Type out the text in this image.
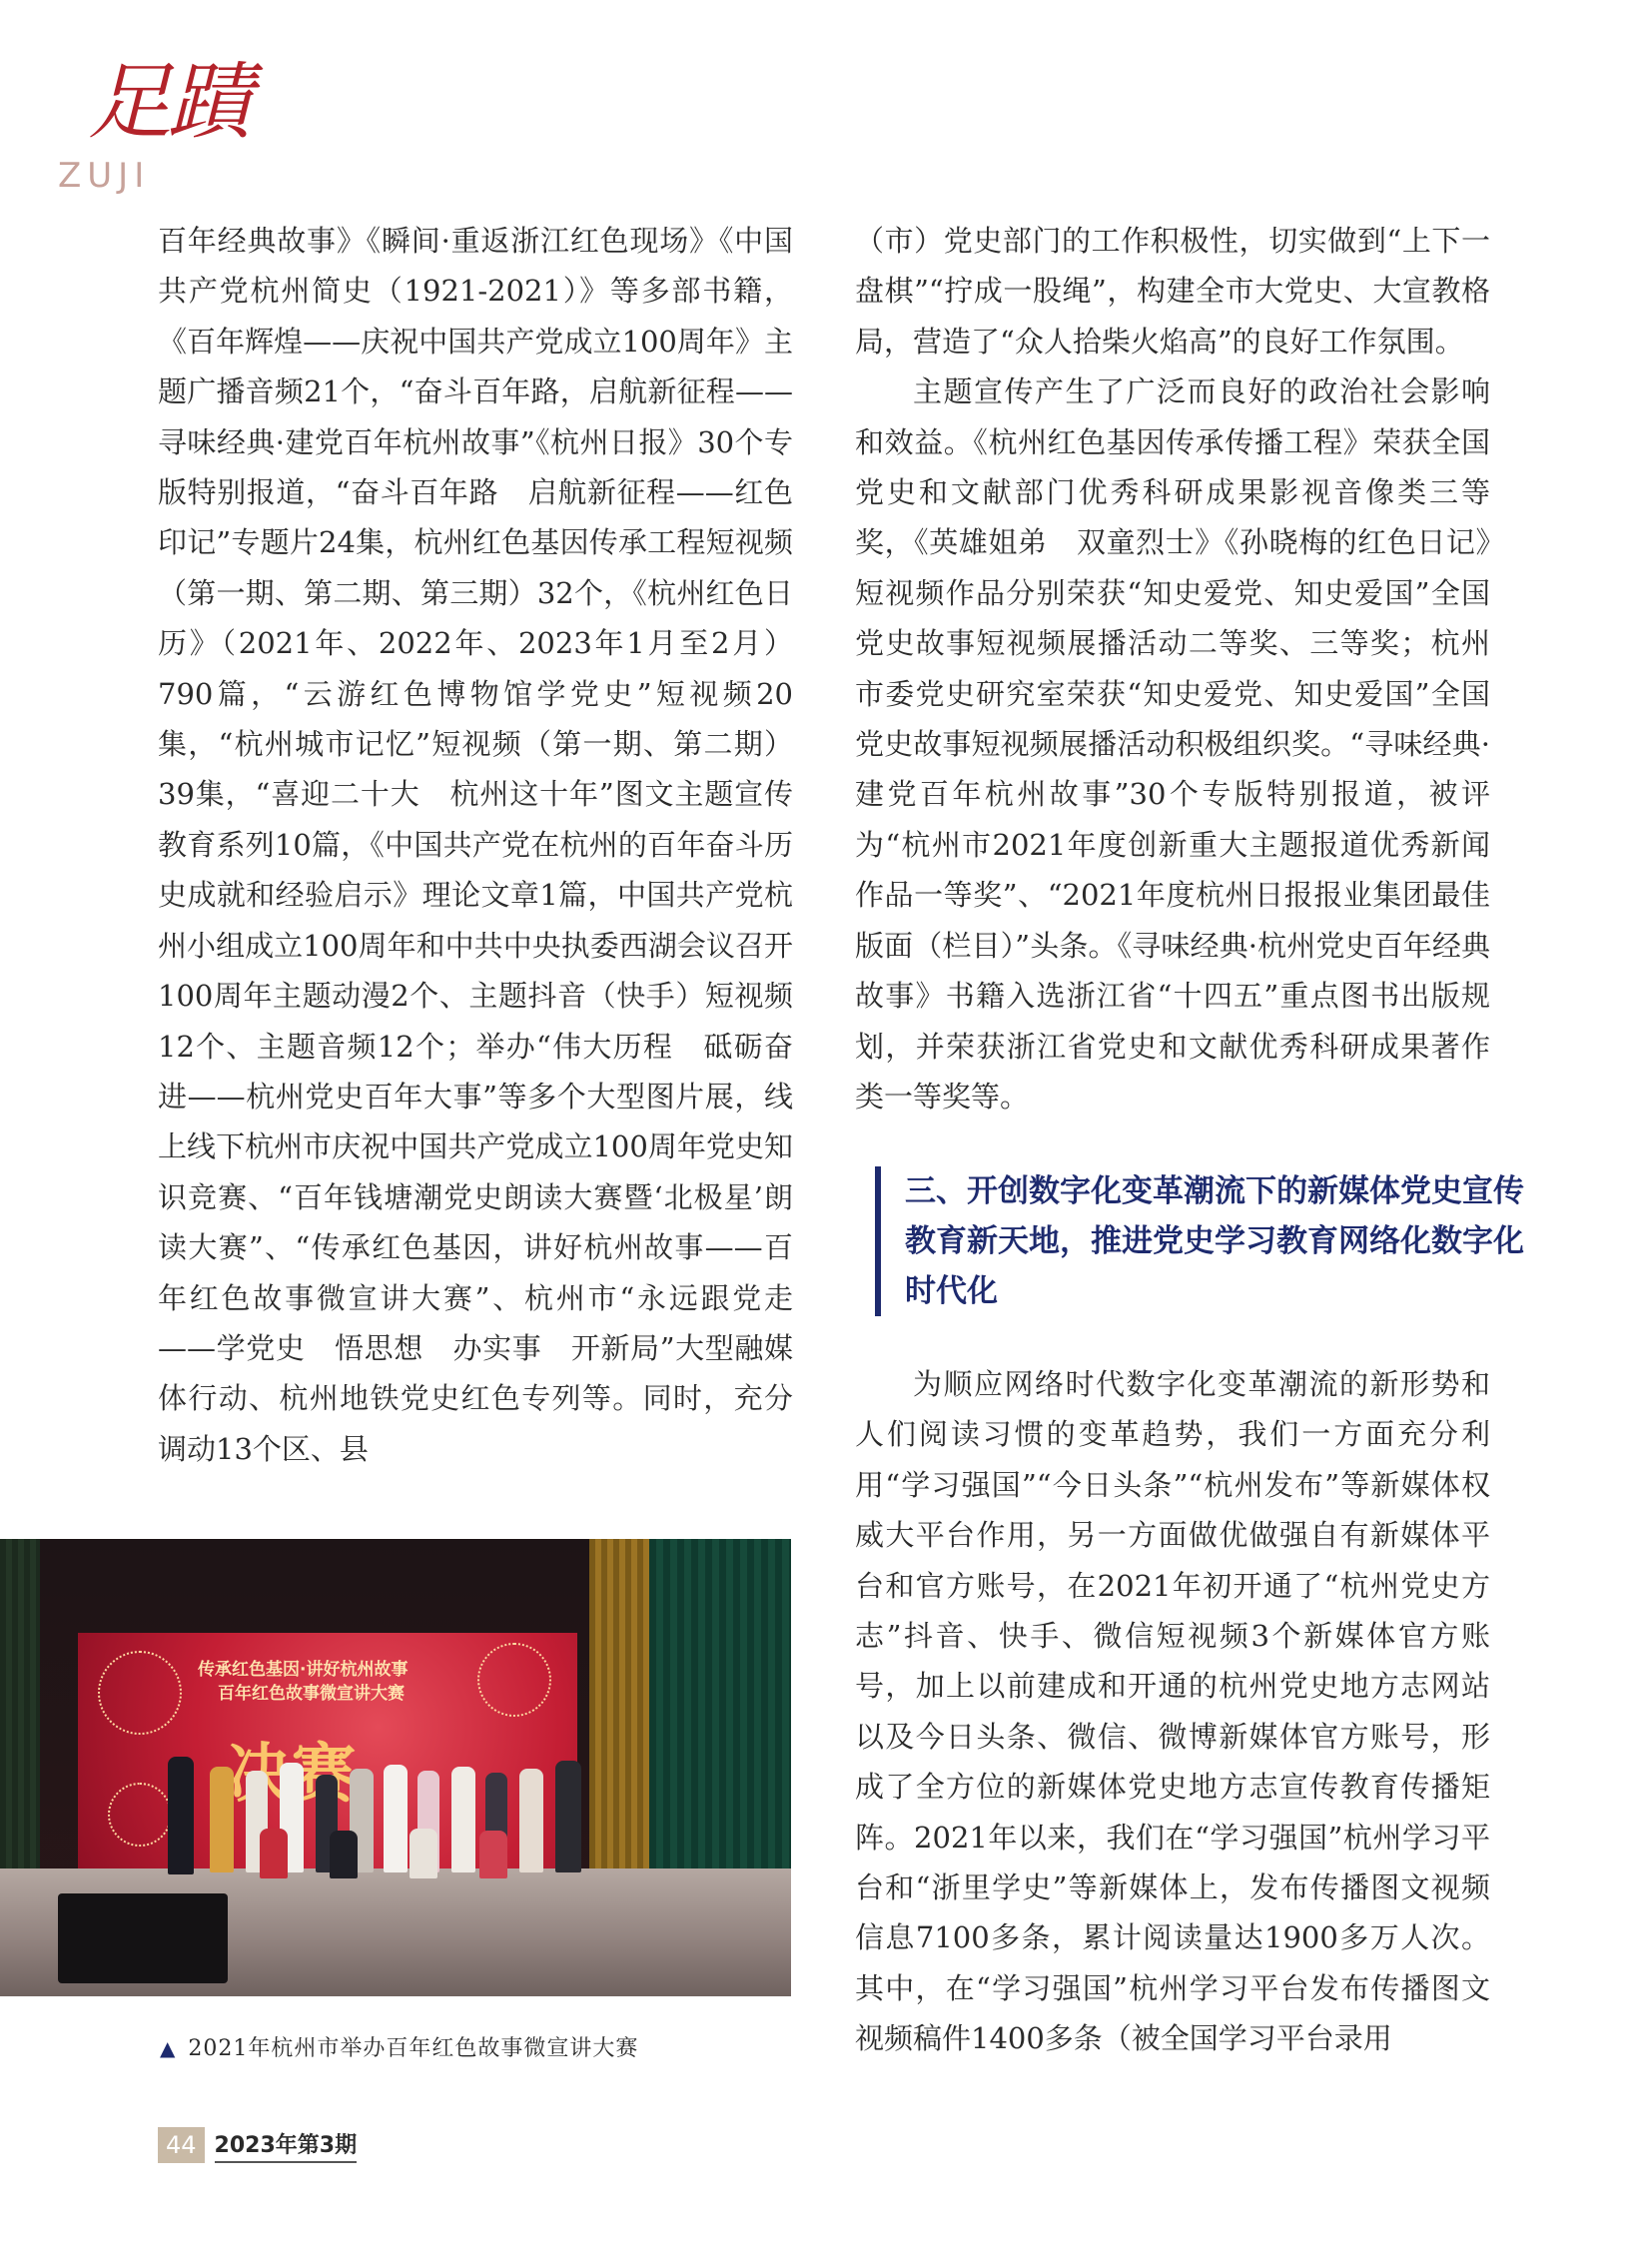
足蹟
ZUJI

百年经典故事》《瞬间·重返浙江红色现场》《中国共产党杭州简史（1921-2021）》等多部书籍，《百年辉煌——庆祝中国共产党成立100周年》主题广播音频21个，“奋斗百年路，启航新征程——寻味经典·建党百年杭州故事”《杭州日报》30个专版特别报道，“奋斗百年路　启航新征程——红色印记”专题片24集，杭州红色基因传承工程短视频（第一期、第二期、第三期）32个，《杭州红色日历》（2021年、2022年、2023年1月至2月）790篇，“云游红色博物馆学党史”短视频20集，“杭州城市记忆”短视频（第一期、第二期）39集，“喜迎二十大　杭州这十年”图文主题宣传教育系列10篇，《中国共产党在杭州的百年奋斗历史成就和经验启示》理论文章1篇，中国共产党杭州小组成立100周年和中共中央执委西湖会议召开100周年主题动漫2个、主题抖音（快手）短视频12个、主题音频12个；举办“伟大历程　砥砺奋进——杭州党史百年大事”等多个大型图片展，线上线下杭州市庆祝中国共产党成立100周年党史知识竞赛、“百年钱塘潮党史朗读大赛暨‘北极星’朗读大赛”、“传承红色基因，讲好杭州故事——百年红色故事微宣讲大赛”、杭州市“永远跟党走——学党史　悟思想　办实事　开新局”大型融媒体行动、杭州地铁党史红色专列等。同时，充分调动13个区、县

（市）党史部门的工作积极性，切实做到“上下一盘棋”“拧成一股绳”，构建全市大党史、大宣教格局，营造了“众人拾柴火焰高”的良好工作氛围。

主题宣传产生了广泛而良好的政治社会影响和效益。《杭州红色基因传承传播工程》荣获全国党史和文献部门优秀科研成果影视音像类三等奖，《英雄姐弟　双童烈士》《孙晓梅的红色日记》短视频作品分别荣获“知史爱党、知史爱国”全国党史故事短视频展播活动二等奖、三等奖；杭州市委党史研究室荣获“知史爱党、知史爱国”全国党史故事短视频展播活动积极组织奖。“寻味经典·建党百年杭州故事”30个专版特别报道，被评为“杭州市2021年度创新重大主题报道优秀新闻作品一等奖”、“2021年度杭州日报报业集团最佳版面（栏目）”头条。《寻味经典·杭州党史百年经典故事》书籍入选浙江省“十四五”重点图书出版规划，并荣获浙江省党史和文献优秀科研成果著作类一等奖等。

三、开创数字化变革潮流下的新媒体党史宣传教育新天地，推进党史学习教育网络化数字化时代化

为顺应网络时代数字化变革潮流的新形势和人们阅读习惯的变革趋势，我们一方面充分利用“学习强国”“今日头条”“杭州发布”等新媒体权威大平台作用，另一方面做优做强自有新媒体平台和官方账号，在2021年初开通了“杭州党史方志”抖音、快手、微信短视频3个新媒体官方账号，加上以前建成和开通的杭州党史地方志网站以及今日头条、微信、微博新媒体官方账号，形成了全方位的新媒体党史地方志宣传教育传播矩阵。2021年以来，我们在“学习强国”杭州学习平台和“浙里学史”等新媒体上，发布传播图文视频信息7100多条，累计阅读量达1900多万人次。其中，在“学习强国”杭州学习平台发布传播图文视频稿件1400多条（被全国学习平台录用

传承红色基因·讲好杭州故事
百年红色故事微宣讲大赛
▲ 2021年杭州市举办百年红色故事微宣讲大赛
44 2023年第3期
